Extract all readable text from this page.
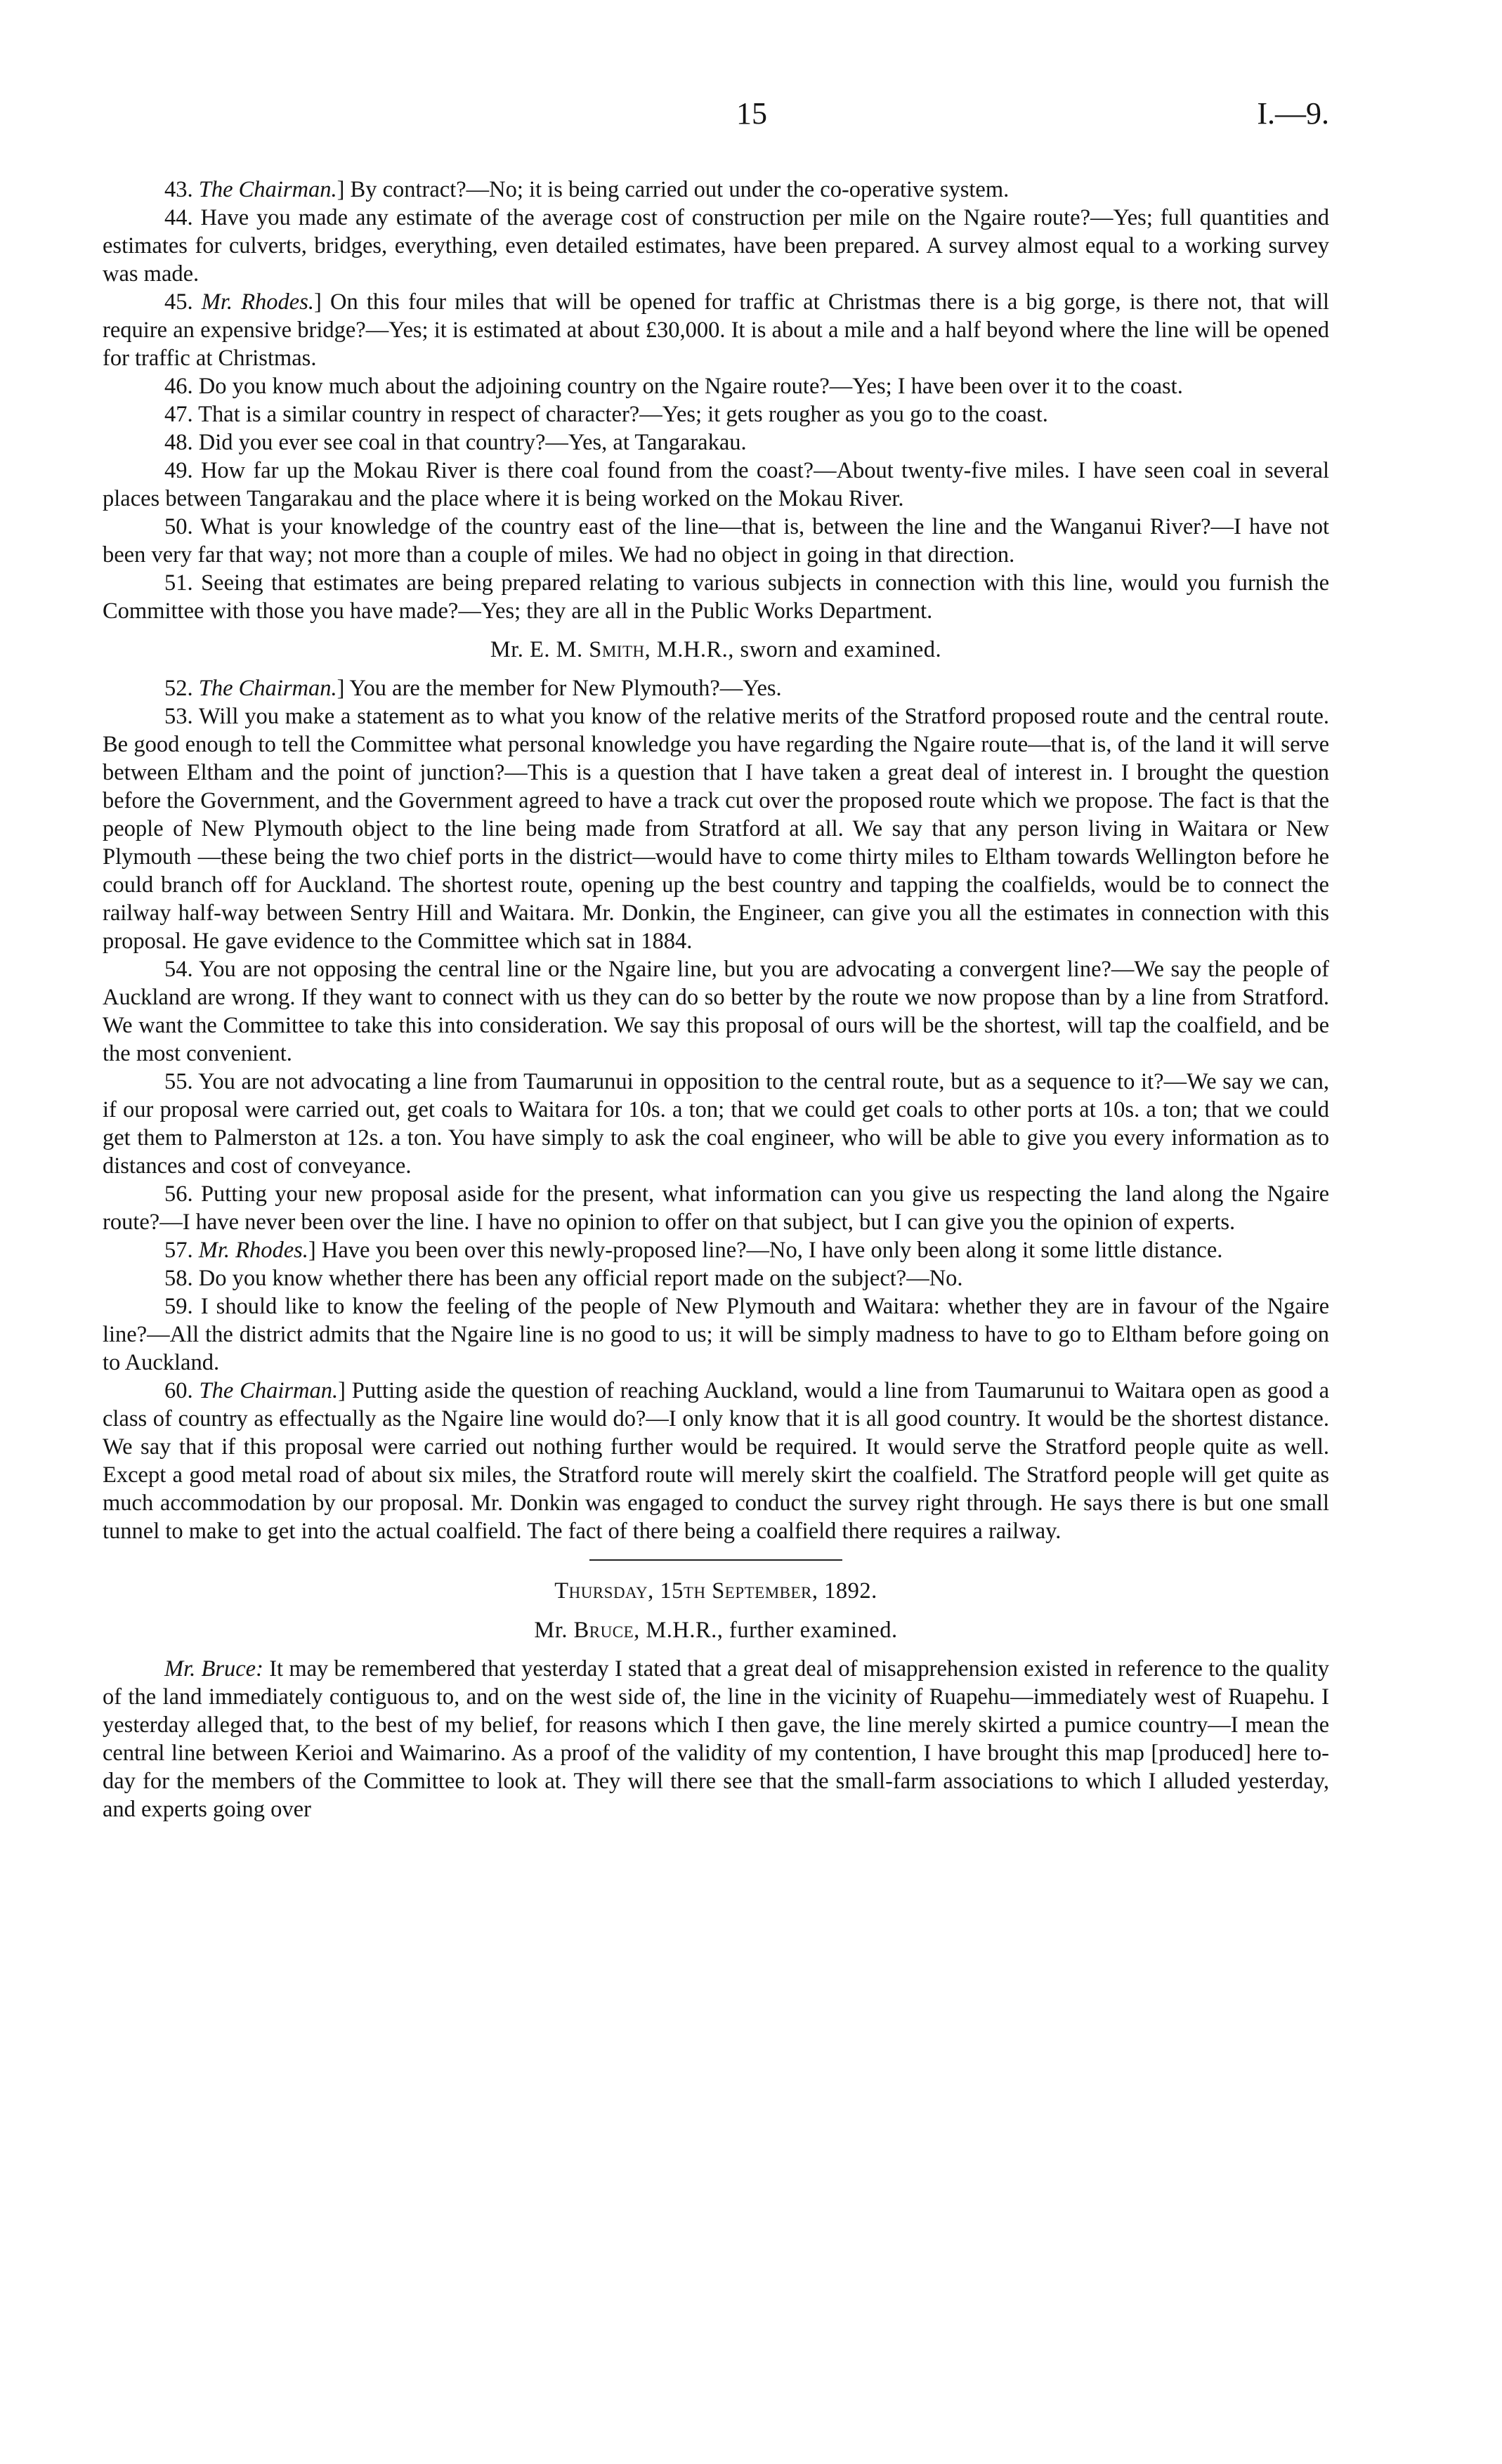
15	I.—9.

43. The Chairman.] By contract?—No; it is being carried out under the co-operative system.

44. Have you made any estimate of the average cost of construction per mile on the Ngaire route?—Yes; full quantities and estimates for culverts, bridges, everything, even detailed estimates, have been prepared. A survey almost equal to a working survey was made.

45. Mr. Rhodes.] On this four miles that will be opened for traffic at Christmas there is a big gorge, is there not, that will require an expensive bridge?—Yes; it is estimated at about £30,000. It is about a mile and a half beyond where the line will be opened for traffic at Christmas.

46. Do you know much about the adjoining country on the Ngaire route?—Yes; I have been over it to the coast.

47. That is a similar country in respect of character?—Yes; it gets rougher as you go to the coast.

48. Did you ever see coal in that country?—Yes, at Tangarakau.

49. How far up the Mokau River is there coal found from the coast?—About twenty-five miles. I have seen coal in several places between Tangarakau and the place where it is being worked on the Mokau River.

50. What is your knowledge of the country east of the line—that is, between the line and the Wanganui River?—I have not been very far that way; not more than a couple of miles. We had no object in going in that direction.

51. Seeing that estimates are being prepared relating to various subjects in connection with this line, would you furnish the Committee with those you have made?—Yes; they are all in the Public Works Department.

Mr. E. M. Smith, M.H.R., sworn and examined.

52. The Chairman.] You are the member for New Plymouth?—Yes.

53. Will you make a statement as to what you know of the relative merits of the Stratford proposed route and the central route. Be good enough to tell the Committee what personal knowledge you have regarding the Ngaire route—that is, of the land it will serve between Eltham and the point of junction?—This is a question that I have taken a great deal of interest in. I brought the question before the Government, and the Government agreed to have a track cut over the proposed route which we propose. The fact is that the people of New Plymouth object to the line being made from Stratford at all. We say that any person living in Waitara or New Plymouth —these being the two chief ports in the district—would have to come thirty miles to Eltham towards Wellington before he could branch off for Auckland. The shortest route, opening up the best country and tapping the coalfields, would be to connect the railway half-way between Sentry Hill and Waitara. Mr. Donkin, the Engineer, can give you all the estimates in connection with this proposal. He gave evidence to the Committee which sat in 1884.

54. You are not opposing the central line or the Ngaire line, but you are advocating a convergent line?—We say the people of Auckland are wrong. If they want to connect with us they can do so better by the route we now propose than by a line from Stratford. We want the Committee to take this into consideration. We say this proposal of ours will be the shortest, will tap the coalfield, and be the most convenient.

55. You are not advocating a line from Taumarunui in opposition to the central route, but as a sequence to it?—We say we can, if our proposal were carried out, get coals to Waitara for 10s. a ton; that we could get coals to other ports at 10s. a ton; that we could get them to Palmerston at 12s. a ton. You have simply to ask the coal engineer, who will be able to give you every information as to distances and cost of conveyance.

56. Putting your new proposal aside for the present, what information can you give us respecting the land along the Ngaire route?—I have never been over the line. I have no opinion to offer on that subject, but I can give you the opinion of experts.

57. Mr. Rhodes.] Have you been over this newly-proposed line?—No, I have only been along it some little distance.

58. Do you know whether there has been any official report made on the subject?—No.

59. I should like to know the feeling of the people of New Plymouth and Waitara: whether they are in favour of the Ngaire line?—All the district admits that the Ngaire line is no good to us; it will be simply madness to have to go to Eltham before going on to Auckland.

60. The Chairman.] Putting aside the question of reaching Auckland, would a line from Taumarunui to Waitara open as good a class of country as effectually as the Ngaire line would do?—I only know that it is all good country. It would be the shortest distance. We say that if this proposal were carried out nothing further would be required. It would serve the Stratford people quite as well. Except a good metal road of about six miles, the Stratford route will merely skirt the coalfield. The Stratford people will get quite as much accommodation by our proposal. Mr. Donkin was engaged to conduct the survey right through. He says there is but one small tunnel to make to get into the actual coalfield. The fact of there being a coalfield there requires a railway.

Thursday, 15th September, 1892.
Mr. Bruce, M.H.R., further examined.

Mr. Bruce: It may be remembered that yesterday I stated that a great deal of misapprehension existed in reference to the quality of the land immediately contiguous to, and on the west side of, the line in the vicinity of Ruapehu—immediately west of Ruapehu. I yesterday alleged that, to the best of my belief, for reasons which I then gave, the line merely skirted a pumice country—I mean the central line between Kerioi and Waimarino. As a proof of the validity of my contention, I have brought this map [produced] here to-day for the members of the Committee to look at. They will there see that the small-farm associations to which I alluded yesterday, and experts going over
